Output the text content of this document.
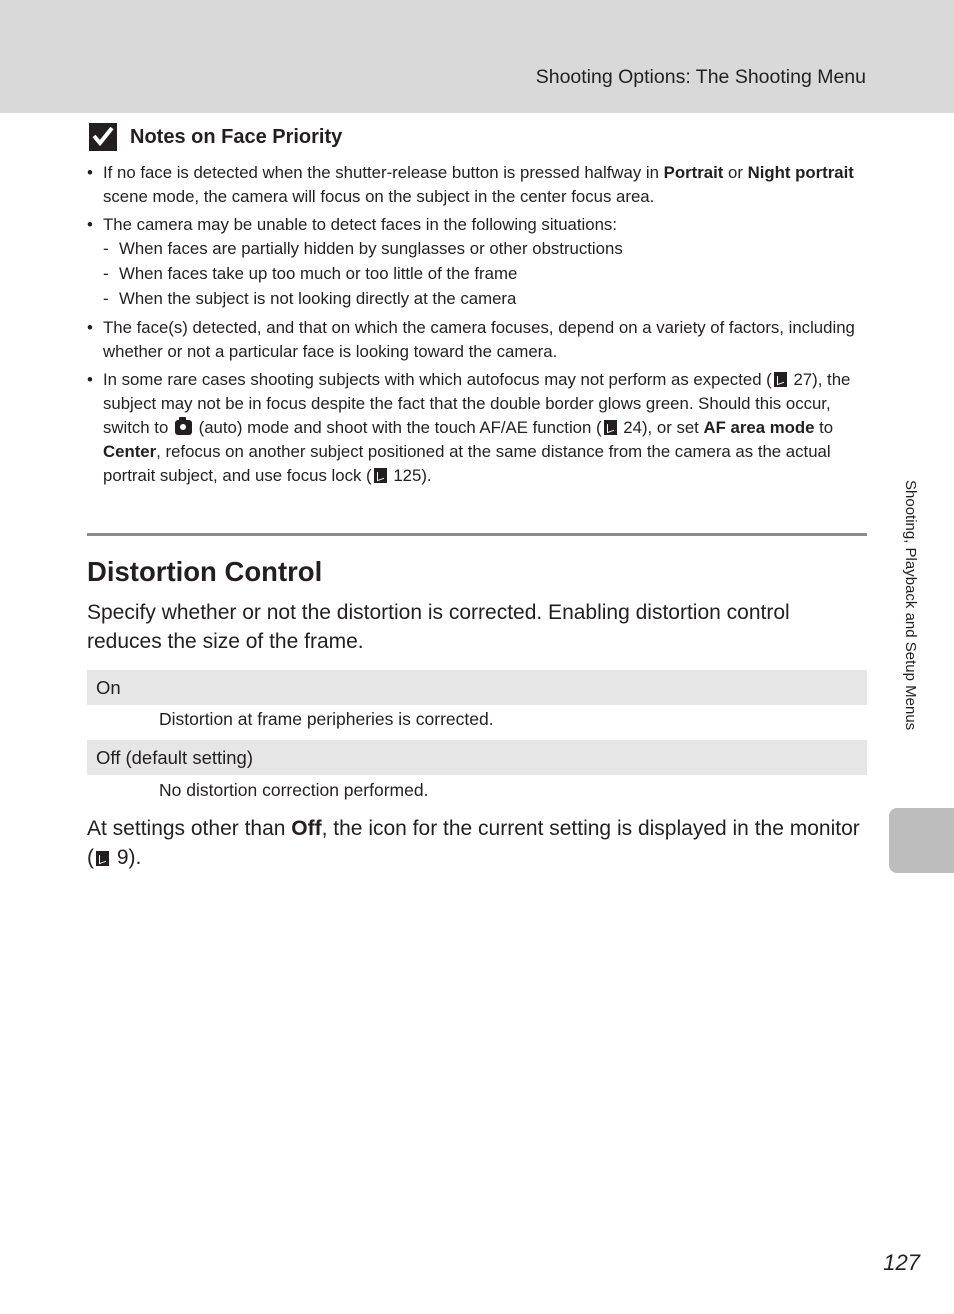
Shooting Options: The Shooting Menu
Shooting, Playback and Setup Menus
Notes on Face Priority
• If no face is detected when the shutter-release button is pressed halfway in Portrait or Night portrait scene mode, the camera will focus on the subject in the center focus area.
• The camera may be unable to detect faces in the following situations:
- When faces are partially hidden by sunglasses or other obstructions
- When faces take up too much or too little of the frame
- When the subject is not looking directly at the camera
• The face(s) detected, and that on which the camera focuses, depend on a variety of factors, including whether or not a particular face is looking toward the camera.
• In some rare cases shooting subjects with which autofocus may not perform as expected ( 27), the subject may not be in focus despite the fact that the double border glows green. Should this occur, switch to  (auto) mode and shoot with the touch AF/AE function ( 24), or set AF area mode to Center, refocus on another subject positioned at the same distance from the camera as the actual portrait subject, and use focus lock ( 125).
Distortion Control
Specify whether or not the distortion is corrected. Enabling distortion control reduces the size of the frame.
On
Distortion at frame peripheries is corrected.
Off (default setting)
No distortion correction performed.
At settings other than Off, the icon for the current setting is displayed in the monitor ( 9).
127
